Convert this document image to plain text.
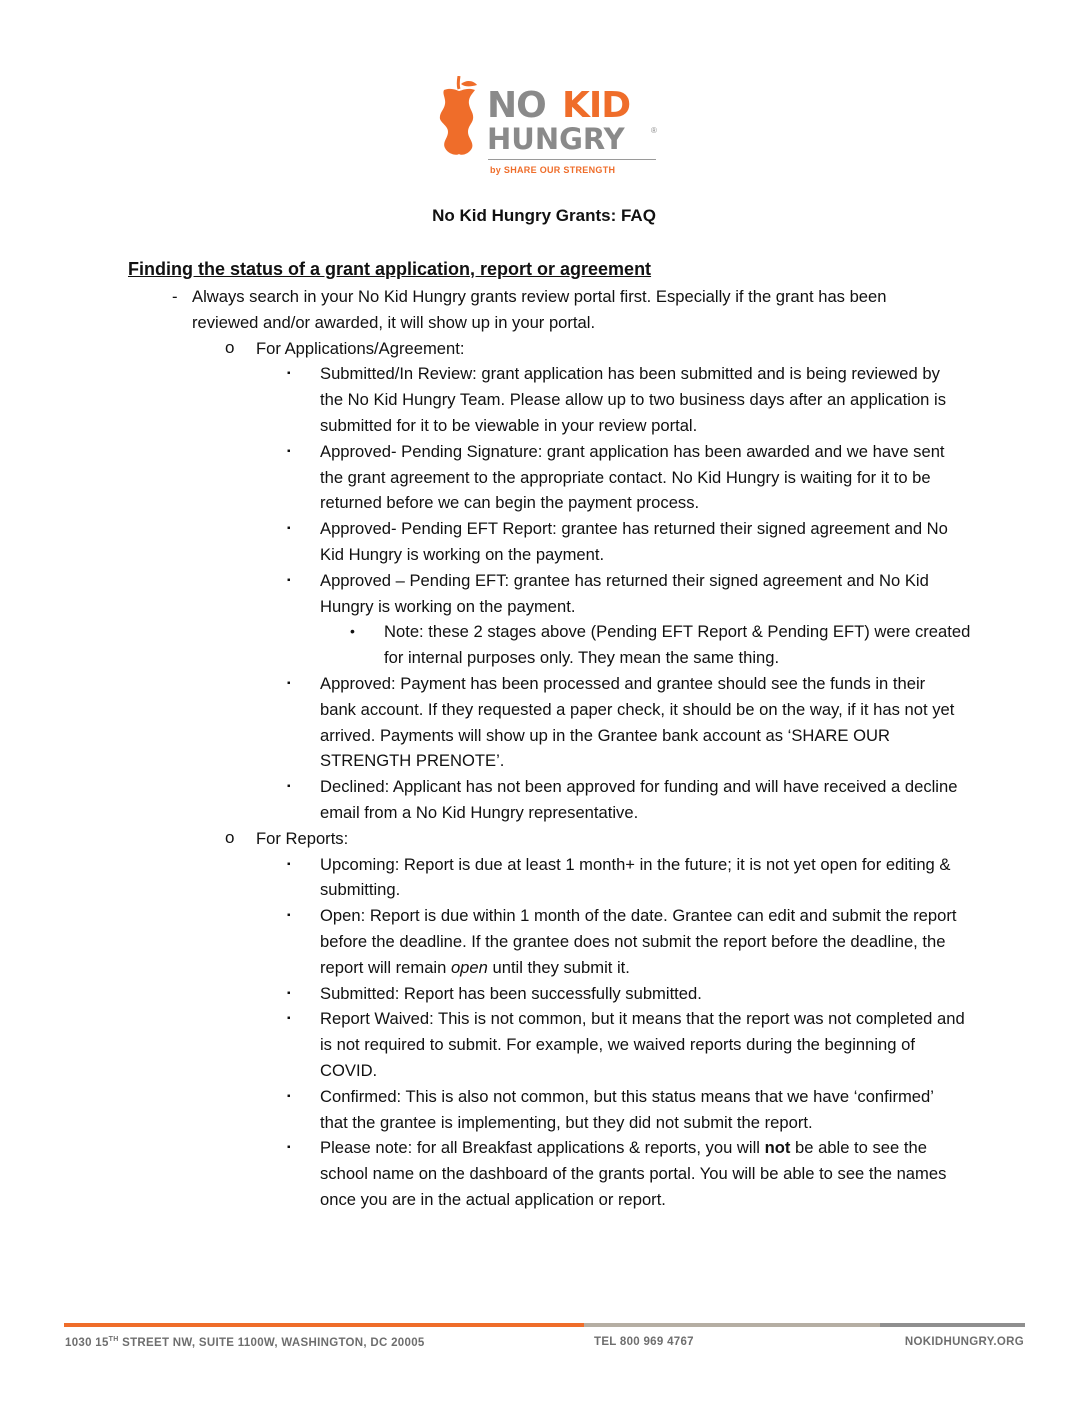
NO KID
HUNGRY	®
by SHARE OUR STRENGTH
No Kid Hungry Grants: FAQ
Finding the status of a grant application, report or agreement
- Always search in your No Kid Hungry grants review portal first. Especially if the grant has been reviewed and/or awarded, it will show up in your portal.
o For Applications/Agreement:
▪ Submitted/In Review: grant application has been submitted and is being reviewed by the No Kid Hungry Team. Please allow up to two business days after an application is submitted for it to be viewable in your review portal.
▪ Approved- Pending Signature: grant application has been awarded and we have sent the grant agreement to the appropriate contact. No Kid Hungry is waiting for it to be returned before we can begin the payment process.
▪ Approved- Pending EFT Report: grantee has returned their signed agreement and No Kid Hungry is working on the payment.
▪ Approved – Pending EFT: grantee has returned their signed agreement and No Kid Hungry is working on the payment.
• Note: these 2 stages above (Pending EFT Report & Pending EFT) were created for internal purposes only. They mean the same thing.
▪ Approved: Payment has been processed and grantee should see the funds in their bank account. If they requested a paper check, it should be on the way, if it has not yet arrived. Payments will show up in the Grantee bank account as ‘SHARE OUR STRENGTH PRENOTE’.
▪ Declined: Applicant has not been approved for funding and will have received a decline email from a No Kid Hungry representative.
o For Reports:
▪ Upcoming: Report is due at least 1 month+ in the future; it is not yet open for editing & submitting.
▪ Open: Report is due within 1 month of the date. Grantee can edit and submit the report before the deadline. If the grantee does not submit the report before the deadline, the report will remain open until they submit it.
▪ Submitted: Report has been successfully submitted.
▪ Report Waived: This is not common, but it means that the report was not completed and is not required to submit. For example, we waived reports during the beginning of COVID.
▪ Confirmed: This is also not common, but this status means that we have ‘confirmed’ that the grantee is implementing, but they did not submit the report.
▪ Please note: for all Breakfast applications & reports, you will not be able to see the school name on the dashboard of the grants portal. You will be able to see the names once you are in the actual application or report.
1030 15TH STREET NW, SUITE 1100W, WASHINGTON, DC 20005	TEL 800 969 4767	NOKIDHUNGRY.ORG
